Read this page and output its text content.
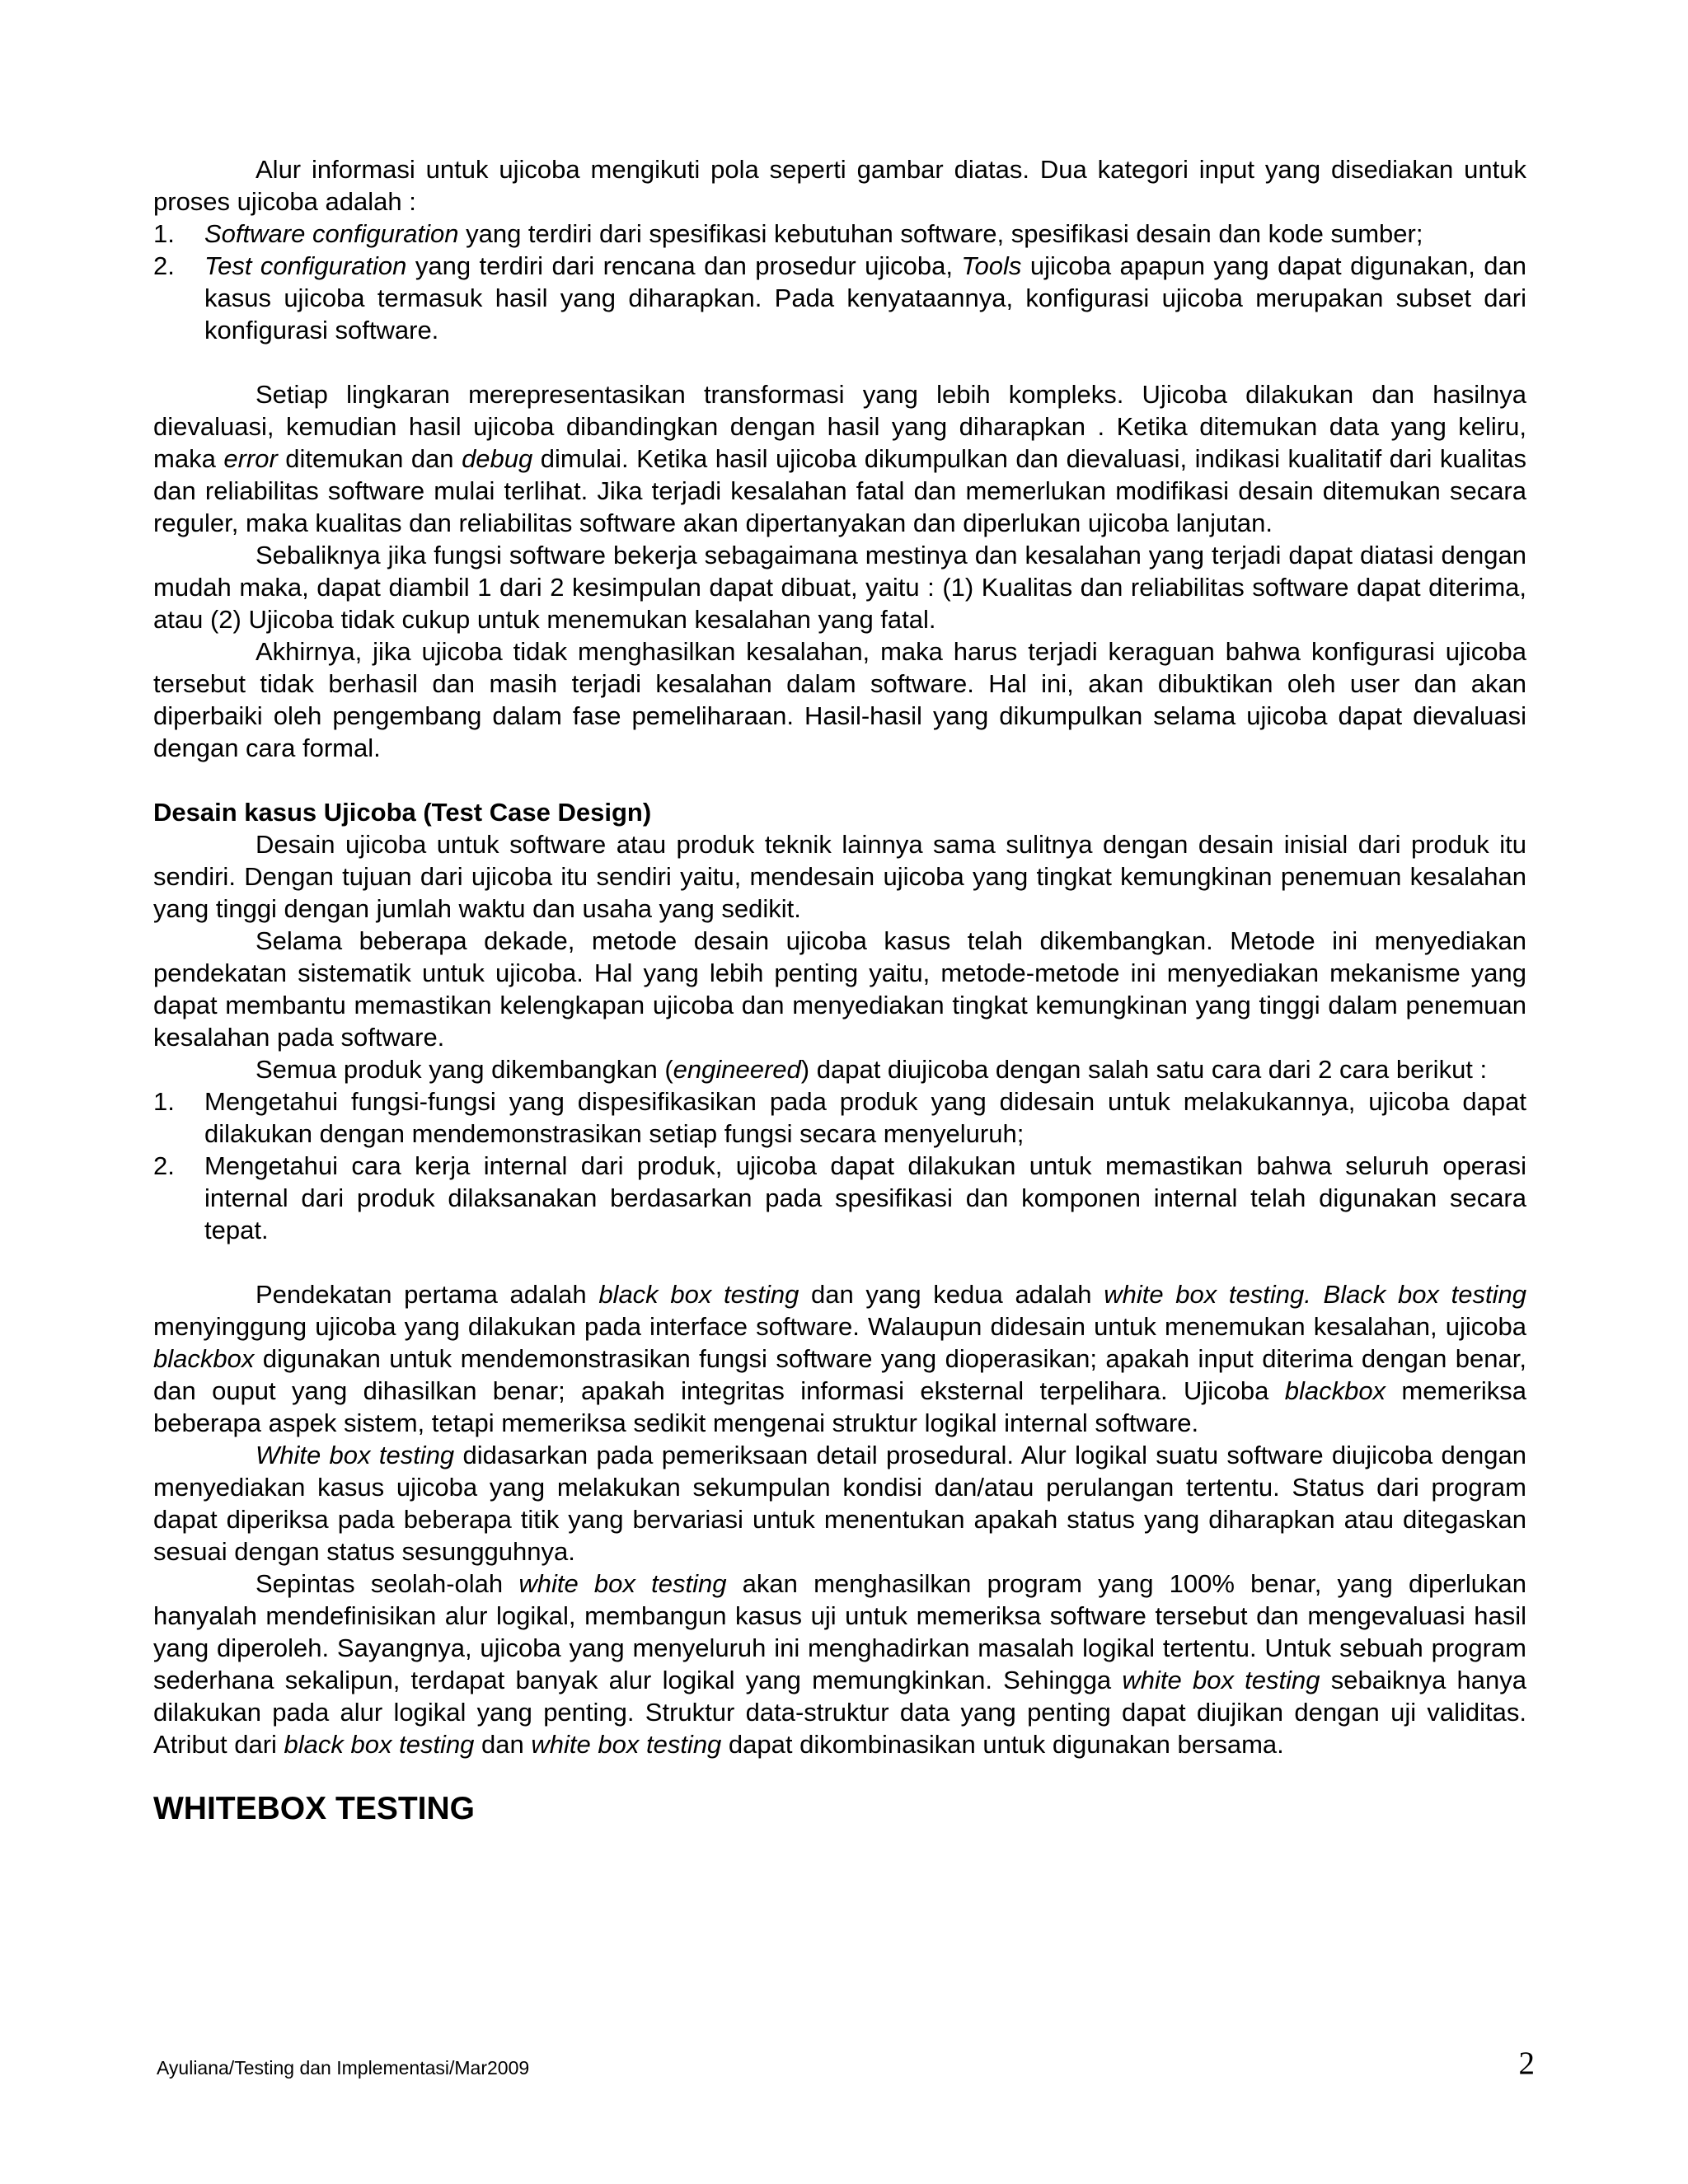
Alur informasi untuk ujicoba mengikuti pola seperti gambar diatas. Dua kategori input yang disediakan untuk proses ujicoba adalah :

1. Software configuration yang terdiri dari spesifikasi kebutuhan software, spesifikasi desain dan kode sumber;
2. Test configuration yang terdiri dari rencana dan prosedur ujicoba, Tools ujicoba apapun yang dapat digunakan, dan kasus ujicoba termasuk hasil yang diharapkan. Pada kenyataannya, konfigurasi ujicoba merupakan subset dari konfigurasi software.

Setiap lingkaran merepresentasikan transformasi yang lebih kompleks. Ujicoba dilakukan dan hasilnya dievaluasi, kemudian hasil ujicoba dibandingkan dengan hasil yang diharapkan . Ketika ditemukan data yang keliru, maka error ditemukan dan debug dimulai. Ketika hasil ujicoba dikumpulkan dan dievaluasi, indikasi kualitatif dari kualitas dan reliabilitas software mulai terlihat. Jika terjadi kesalahan fatal dan memerlukan modifikasi desain ditemukan secara reguler, maka kualitas dan reliabilitas software akan dipertanyakan dan diperlukan ujicoba lanjutan.

Sebaliknya jika fungsi software bekerja sebagaimana mestinya dan kesalahan yang terjadi dapat diatasi dengan mudah maka, dapat diambil 1 dari 2 kesimpulan dapat dibuat, yaitu : (1) Kualitas dan reliabilitas software dapat diterima, atau (2) Ujicoba tidak cukup untuk menemukan kesalahan yang fatal.

Akhirnya, jika ujicoba tidak menghasilkan kesalahan, maka harus terjadi keraguan bahwa konfigurasi ujicoba tersebut tidak berhasil dan masih terjadi kesalahan dalam software. Hal ini, akan dibuktikan oleh user dan akan diperbaiki oleh pengembang dalam fase pemeliharaan. Hasil-hasil yang dikumpulkan selama ujicoba dapat dievaluasi dengan cara formal.

Desain kasus Ujicoba (Test Case Design)

Desain ujicoba untuk software atau produk teknik lainnya sama sulitnya dengan desain inisial dari produk itu sendiri. Dengan tujuan dari ujicoba itu sendiri yaitu, mendesain ujicoba yang tingkat kemungkinan penemuan kesalahan yang tinggi dengan jumlah waktu dan usaha yang sedikit.

Selama beberapa dekade, metode desain ujicoba kasus telah dikembangkan. Metode ini menyediakan pendekatan sistematik untuk ujicoba. Hal yang lebih penting yaitu, metode-metode ini menyediakan mekanisme yang dapat membantu memastikan kelengkapan ujicoba dan menyediakan tingkat kemungkinan yang tinggi dalam penemuan kesalahan pada software.

Semua produk yang dikembangkan (engineered) dapat diujicoba dengan salah satu cara dari 2 cara berikut :

1. Mengetahui fungsi-fungsi yang dispesifikasikan pada produk yang didesain untuk melakukannya, ujicoba dapat dilakukan dengan mendemonstrasikan setiap fungsi secara menyeluruh;
2. Mengetahui cara kerja internal dari produk, ujicoba dapat dilakukan untuk memastikan bahwa seluruh operasi internal dari produk dilaksanakan berdasarkan pada spesifikasi dan komponen internal telah digunakan secara tepat.

Pendekatan pertama adalah black box testing dan yang kedua adalah white box testing. Black box testing menyinggung ujicoba yang dilakukan pada interface software. Walaupun didesain untuk menemukan kesalahan, ujicoba blackbox digunakan untuk mendemonstrasikan fungsi software yang dioperasikan; apakah input diterima dengan benar, dan ouput yang dihasilkan benar; apakah integritas informasi eksternal terpelihara. Ujicoba blackbox memeriksa beberapa aspek sistem, tetapi memeriksa sedikit mengenai struktur logikal internal software.

White box testing didasarkan pada pemeriksaan detail prosedural. Alur logikal suatu software diujicoba dengan menyediakan kasus ujicoba yang melakukan sekumpulan kondisi dan/atau perulangan tertentu. Status dari program dapat diperiksa pada beberapa titik yang bervariasi untuk menentukan apakah status yang diharapkan atau ditegaskan sesuai dengan status sesungguhnya.

Sepintas seolah-olah white box testing akan menghasilkan program yang 100% benar, yang diperlukan hanyalah mendefinisikan alur logikal, membangun kasus uji untuk memeriksa software tersebut dan mengevaluasi hasil yang diperoleh. Sayangnya, ujicoba yang menyeluruh ini menghadirkan masalah logikal tertentu. Untuk sebuah program sederhana sekalipun, terdapat banyak alur logikal yang memungkinkan. Sehingga white box testing sebaiknya hanya dilakukan pada alur logikal yang penting. Struktur data-struktur data yang penting dapat diujikan dengan uji validitas. Atribut dari black box testing dan white box testing dapat dikombinasikan untuk digunakan bersama.

WHITEBOX TESTING

Ayuliana/Testing dan Implementasi/Mar2009	2
